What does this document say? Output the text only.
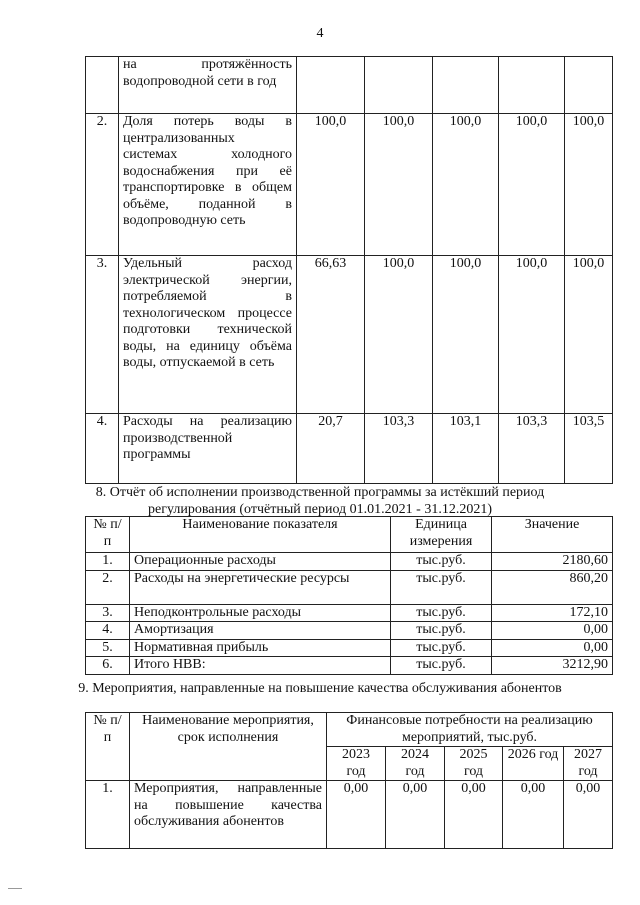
4
	на протяжённость водопроводной сети в год					
2.	Доля потерь воды в централизованных системах холодного водоснабжения при её транспортировке в общем объёме, поданной в водопроводную сеть	100,0	100,0	100,0	100,0	100,0
3.	Удельный расход электрической энергии, потребляемой в технологическом процессе подготовки технической воды, на единицу объёма воды, отпускаемой в сеть	66,63	100,0	100,0	100,0	100,0
4.	Расходы на реализацию производственной программы	20,7	103,3	103,1	103,3	103,5
8. Отчёт об исполнении производственной программы за истёкший период регулирования (отчётный период 01.01.2021 - 31.12.2021)
№ п/п	Наименование показателя	Единица измерения	Значение
1.	Операционные расходы	тыс.руб.	2180,60
2.	Расходы на энергетические ресурсы	тыс.руб.	860,20
3.	Неподконтрольные расходы	тыс.руб.	172,10
4.	Амортизация	тыс.руб.	0,00
5.	Нормативная прибыль	тыс.руб.	0,00
6.	Итого НВВ:	тыс.руб.	3212,90
9. Мероприятия, направленные на повышение качества обслуживания абонентов
№ п/п	Наименование мероприятия, срок исполнения	Финансовые потребности на реализацию мероприятий, тыс.руб.				
		2023 год	2024 год	2025 год	2026 год	2027 год
1.	Мероприятия, направленные на повышение качества обслуживания абонентов	0,00	0,00	0,00	0,00	0,00
